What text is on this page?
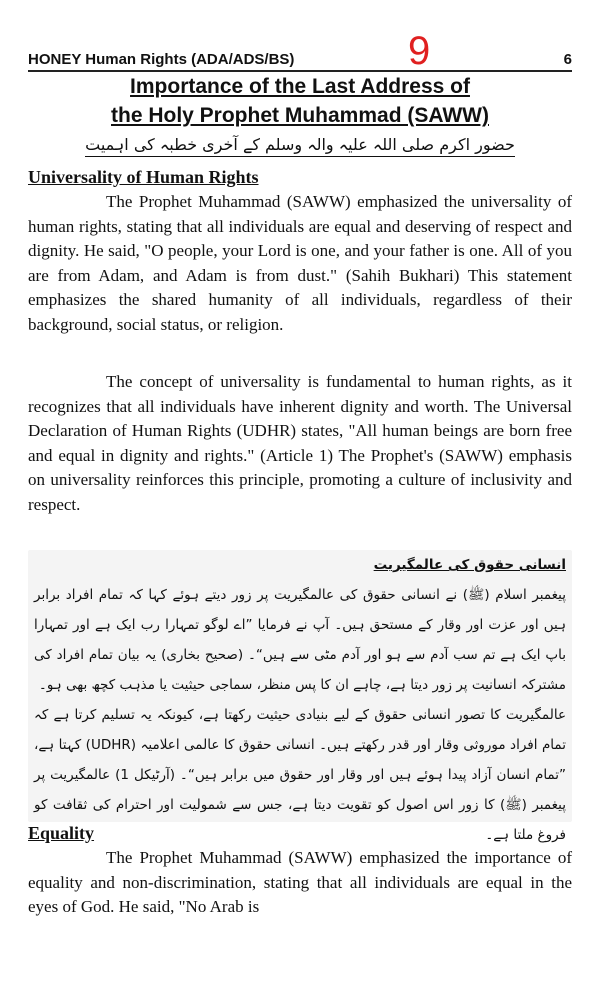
HONEY Human Rights (ADA/ADS/BS)	9	6
Importance of the Last Address of
the Holy Prophet Muhammad (SAWW)
حضور اکرم صلی اللہ علیہ والہ وسلم کے آخری خطبہ کی اہمیت
Universality of Human Rights

The Prophet Muhammad (SAWW) emphasized the universality of human rights, stating that all individuals are equal and deserving of respect and dignity. He said, "O people, your Lord is one, and your father is one. All of you are from Adam, and Adam is from dust." (Sahih Bukhari) This statement emphasizes the shared humanity of all individuals, regardless of their background, social status, or religion.

The concept of universality is fundamental to human rights, as it recognizes that all individuals have inherent dignity and worth. The Universal Declaration of Human Rights (UDHR) states, "All human beings are born free and equal in dignity and rights." (Article 1) The Prophet's (SAWW) emphasis on universality reinforces this principle, promoting a culture of inclusivity and respect.

انسانی حقوق کی عالمگیریت

پیغمبر اسلام (ﷺ) نے انسانی حقوق کی عالمگیریت پر زور دیتے ہوئے کہا کہ تمام افراد برابر ہیں اور عزت اور وقار کے مستحق ہیں۔ آپ نے فرمایا ”اے لوگو تمہارا رب ایک ہے اور تمہارا باپ ایک ہے تم سب آدم سے ہو اور آدم مٹی سے ہیں“۔ (صحیح بخاری) یہ بیان تمام افراد کی مشترکہ انسانیت پر زور دیتا ہے، چاہے ان کا پس منظر، سماجی حیثیت یا مذہب کچھ بھی ہو۔

عالمگیریت کا تصور انسانی حقوق کے لیے بنیادی حیثیت رکھتا ہے، کیونکہ یہ تسلیم کرتا ہے کہ تمام افراد موروثی وقار اور قدر رکھتے ہیں۔ انسانی حقوق کا عالمی اعلامیہ (UDHR) کہتا ہے، ”تمام انسان آزاد پیدا ہوئے ہیں اور وقار اور حقوق میں برابر ہیں“۔ (آرٹیکل 1) عالمگیریت پر پیغمبر (ﷺ) کا زور اس اصول کو تقویت دیتا ہے، جس سے شمولیت اور احترام کی ثقافت کو فروغ ملتا ہے۔

Equality

The Prophet Muhammad (SAWW) emphasized the importance of equality and non-discrimination, stating that all individuals are equal in the eyes of God. He said, "No Arab is
